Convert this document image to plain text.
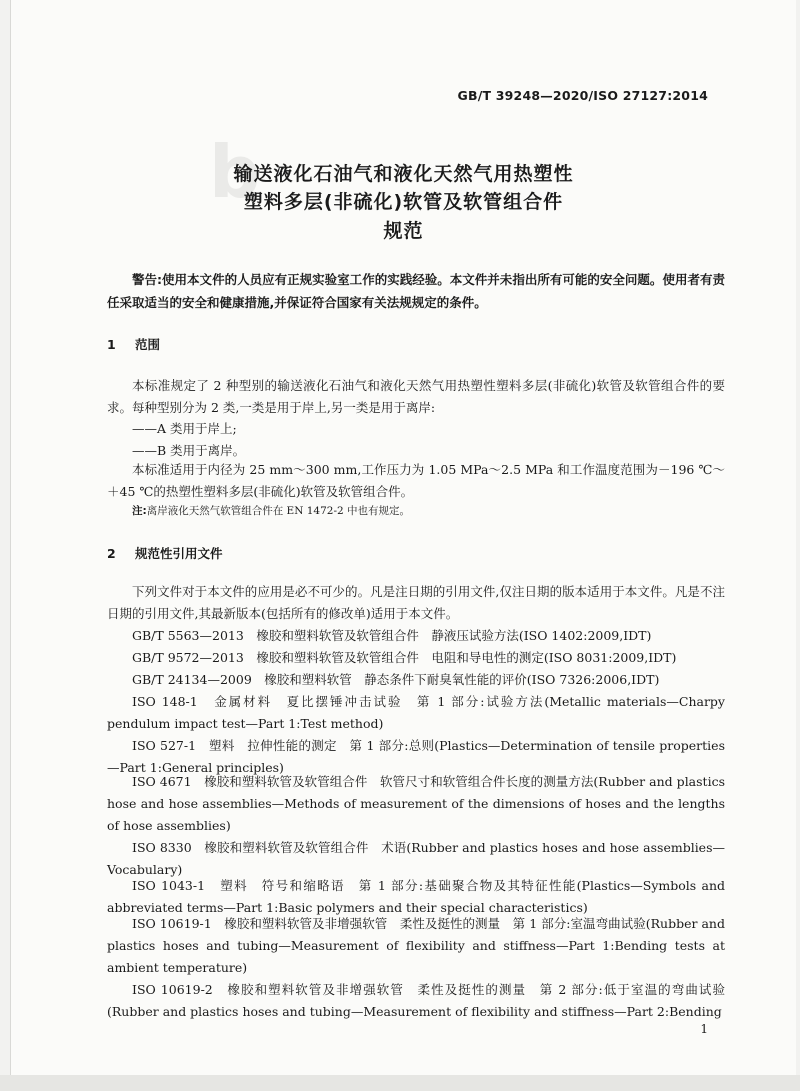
b
GB/T 39248—2020/ISO 27127:2014
输送液化石油气和液化天然气用热塑性
塑料多层(非硫化)软管及软管组合件
规范
警告:使用本文件的人员应有正规实验室工作的实践经验。本文件并未指出所有可能的安全问题。使用者有责任采取适当的安全和健康措施,并保证符合国家有关法规规定的条件。
1 范围
本标准规定了 2 种型别的输送液化石油气和液化天然气用热塑性塑料多层(非硫化)软管及软管组合件的要求。每种型别分为 2 类,一类是用于岸上,另一类是用于离岸:
——A 类用于岸上;
——B 类用于离岸。
本标准适用于内径为 25 mm～300 mm,工作压力为 1.05 MPa～2.5 MPa 和工作温度范围为－196 ℃～＋45 ℃的热塑性塑料多层(非硫化)软管及软管组合件。
注:离岸液化天然气软管组合件在 EN 1472-2 中也有规定。
2 规范性引用文件
下列文件对于本文件的应用是必不可少的。凡是注日期的引用文件,仅注日期的版本适用于本文件。凡是不注日期的引用文件,其最新版本(包括所有的修改单)适用于本文件。
GB/T 5563—2013　橡胶和塑料软管及软管组合件　静液压试验方法(ISO 1402:2009,IDT)
GB/T 9572—2013　橡胶和塑料软管及软管组合件　电阻和导电性的测定(ISO 8031:2009,IDT)
GB/T 24134—2009　橡胶和塑料软管　静态条件下耐臭氧性能的评价(ISO 7326:2006,IDT)
ISO 148-1　金属材料　夏比摆锤冲击试验　第 1 部分:试验方法(Metallic materials—Charpy pendulum impact test—Part 1:Test method)
ISO 527-1　塑料　拉伸性能的测定　第 1 部分:总则(Plastics—Determination of tensile properties—Part 1:General principles)
ISO 4671　橡胶和塑料软管及软管组合件　软管尺寸和软管组合件长度的测量方法(Rubber and plastics hose and hose assemblies—Methods of measurement of the dimensions of hoses and the lengths of hose assemblies)
ISO 8330　橡胶和塑料软管及软管组合件　术语(Rubber and plastics hoses and hose assemblies—Vocabulary)
ISO 1043-1　塑料　符号和缩略语　第 1 部分:基础聚合物及其特征性能(Plastics—Symbols and abbreviated terms—Part 1:Basic polymers and their special characteristics)
ISO 10619-1　橡胶和塑料软管及非增强软管　柔性及挺性的测量　第 1 部分:室温弯曲试验(Rubber and plastics hoses and tubing—Measurement of flexibility and stiffness—Part 1:Bending tests at ambient temperature)
ISO 10619-2　橡胶和塑料软管及非增强软管　柔性及挺性的测量　第 2 部分:低于室温的弯曲试验(Rubber and plastics hoses and tubing—Measurement of flexibility and stiffness—Part 2:Bending
1
